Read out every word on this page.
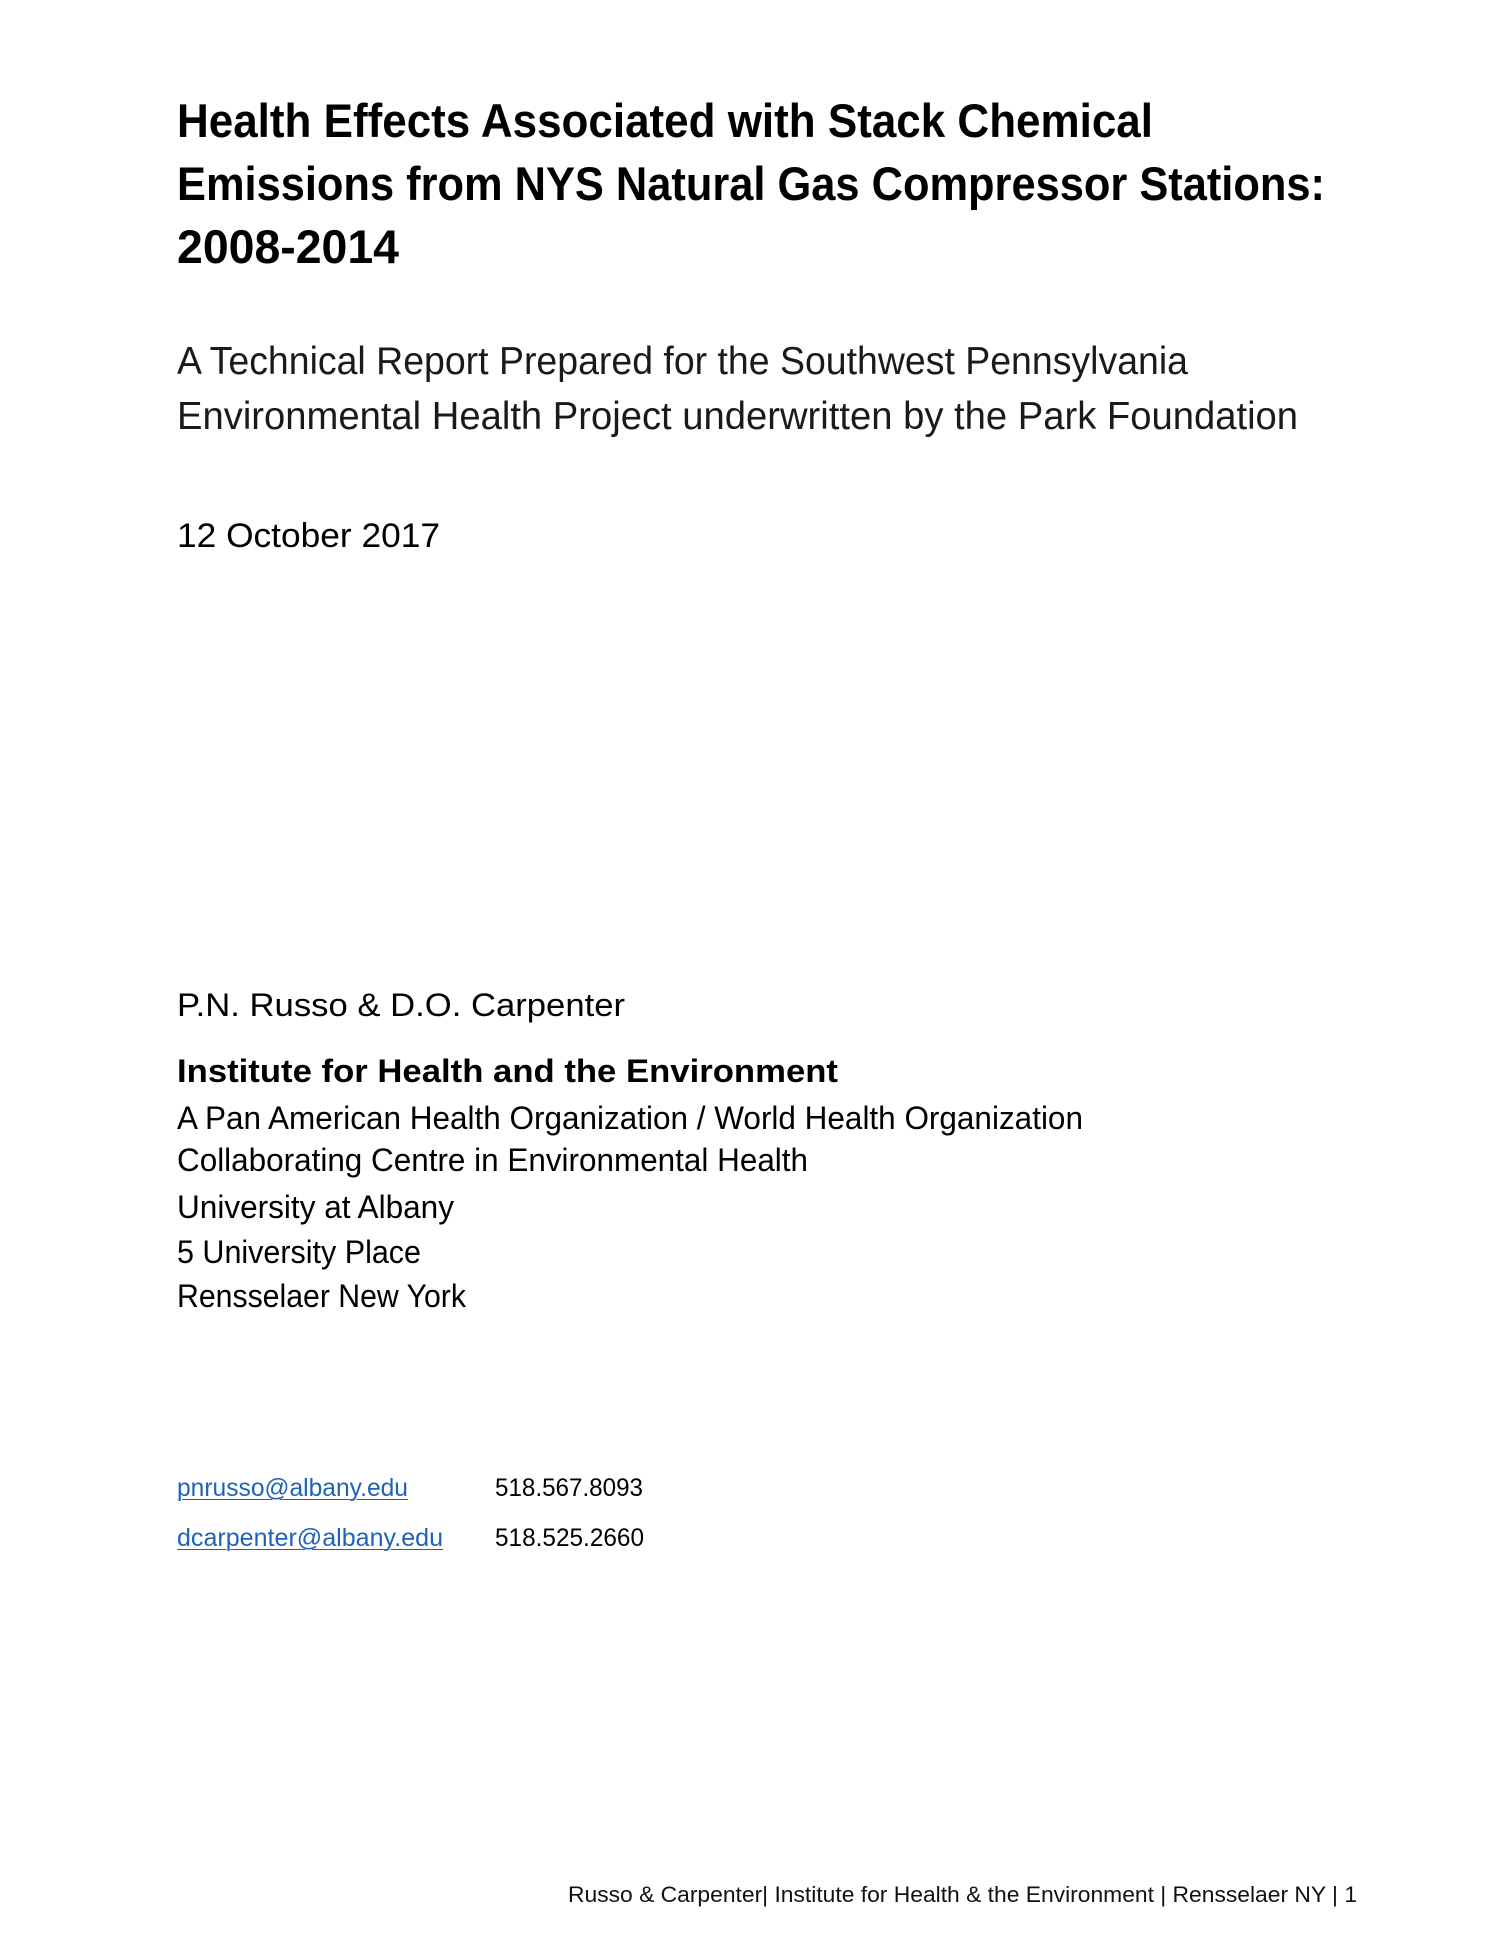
Health Effects Associated with Stack Chemical
Emissions from NYS Natural Gas Compressor Stations:
2008-2014
A Technical Report Prepared for the Southwest Pennsylvania
Environmental Health Project underwritten by the Park Foundation
12 October 2017
P.N. Russo & D.O. Carpenter
Institute for Health and the Environment
A Pan American Health Organization / World Health Organization
Collaborating Centre in Environmental Health
University at Albany
5 University Place
Rensselaer New York
pnrusso@albany.edu	518.567.8093
dcarpenter@albany.edu 518.525.2660
Russo & Carpenter| Institute for Health & the Environment | Rensselaer NY | 1
